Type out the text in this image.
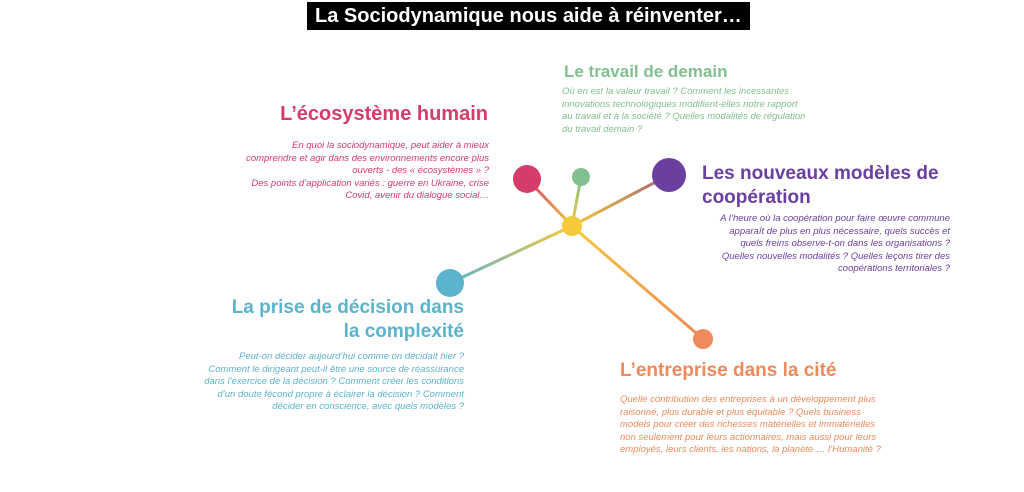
La Sociodynamique nous aide à réinventer…
Le travail de demain
Où en est la valeur travail ? Comment les incessantes
innovations technologiques modifient-elles notre rapport
au travail et à la société ? Quelles modalités de régulation
du travail demain ?
L’écosystème humain
En quoi la sociodynamique, peut aider à mieux
comprendre et agir dans des environnements encore plus
ouverts - des « écosystèmes » ?
Des points d’application variés : guerre en Ukraine, crise
Covid, avenir du dialogue social…
Les nouveaux modèles de
coopération
A l’heure où la coopération pour faire œuvre commune
apparaît de plus en plus nécessaire, quels succès et
quels freins observe-t-on dans les organisations ?
Quelles nouvelles modalités ? Quelles leçons tirer des
coopérations territoriales ?
La prise de décision dans
la complexité
Peut-on décider aujourd’hui comme on décidait hier ?
Comment le dirigeant peut-il être une source de réassurance
dans l’exercice de la décision ? Comment créer les conditions
d’un doute fécond propre à éclairer la décision ? Comment
décider en conscience, avec quels modèles ?
L’entreprise dans la cité
Quelle contribution des entreprises à un développement plus
raisonné, plus durable et plus équitable ? Quels business
models pour créer des richesses matérielles et immatérielles
non seulement pour leurs actionnaires, mais aussi pour leurs
employés, leurs clients, les nations, la planète … l’Humanité ?
